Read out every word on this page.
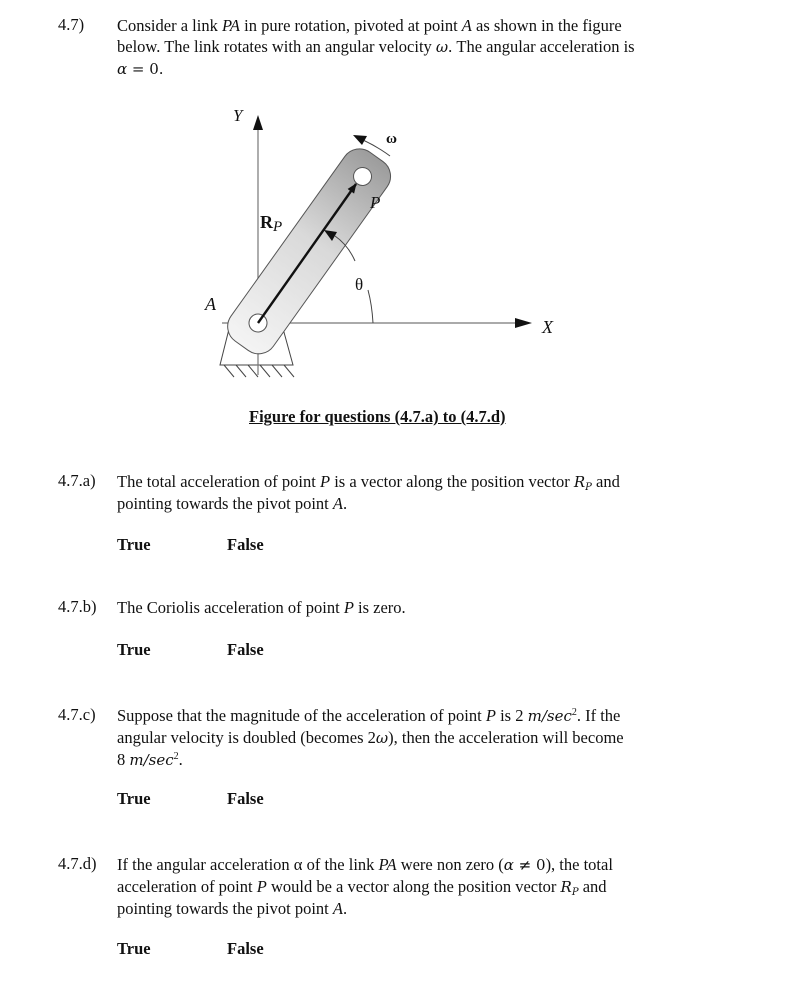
4.7) Consider a link PA in pure rotation, pivoted at point A as shown in the figure
below. The link rotates with an angular velocity ω. The angular acceleration is
α = 0.
Y
X
A
P
ω
θ
RP
Figure for questions (4.7.a) to (4.7.d)
4.7.a) The total acceleration of point P is a vector along the position vector $R_P$ and
pointing towards the pivot point A.
True	False
4.7.b) The Coriolis acceleration of point P is zero.
True	False
4.7.c) Suppose that the magnitude of the acceleration of point P is 2 $m/\sec^2$. If the
angular velocity is doubled (becomes 2ω), then the acceleration will become
8 $m/\sec^2$.
True	False
4.7.d) If the angular acceleration α of the link PA were non zero (α ≠ 0), the total
acceleration of point P would be a vector along the position vector $R_P$ and
pointing towards the pivot point A.
True	False
